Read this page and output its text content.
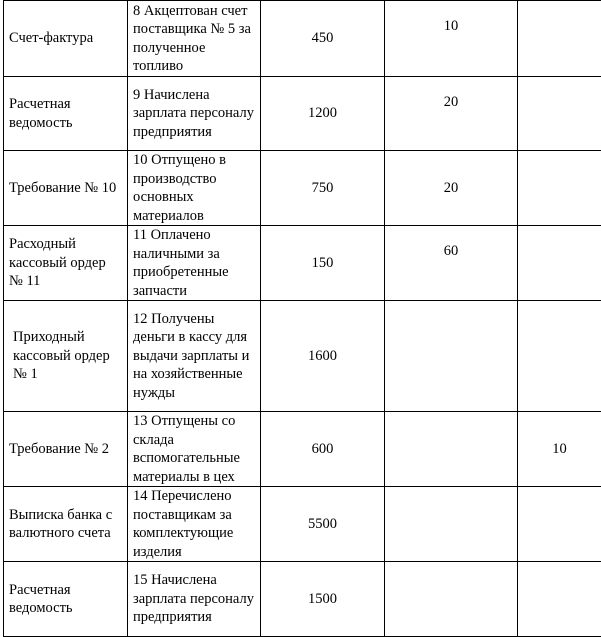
Счет-фактура	8 Акцептован счет поставщика № 5 за полученное топливо	450	10	
Расчетная ведомость	9 Начислена зарплата персоналу предприятия	1200	20	
Требование № 10	10 Отпущено в производство основных материалов	750	20	
Расходный кассовый ордер № 11	11 Оплачено наличными за приобретенные запчасти	150	60	
Приходный кассовый ордер № 1	12 Получены деньги в кассу для выдачи зарплаты и на хозяйственные нужды	1600		
Требование № 2	13 Отпущены со склада вспомогательные материалы в цех	600		10
Выписка банка с валютного счета	14 Перечислено поставщикам за комплектующие изделия	5500		
Расчетная ведомость	15 Начислена зарплата персоналу предприятия	1500		
